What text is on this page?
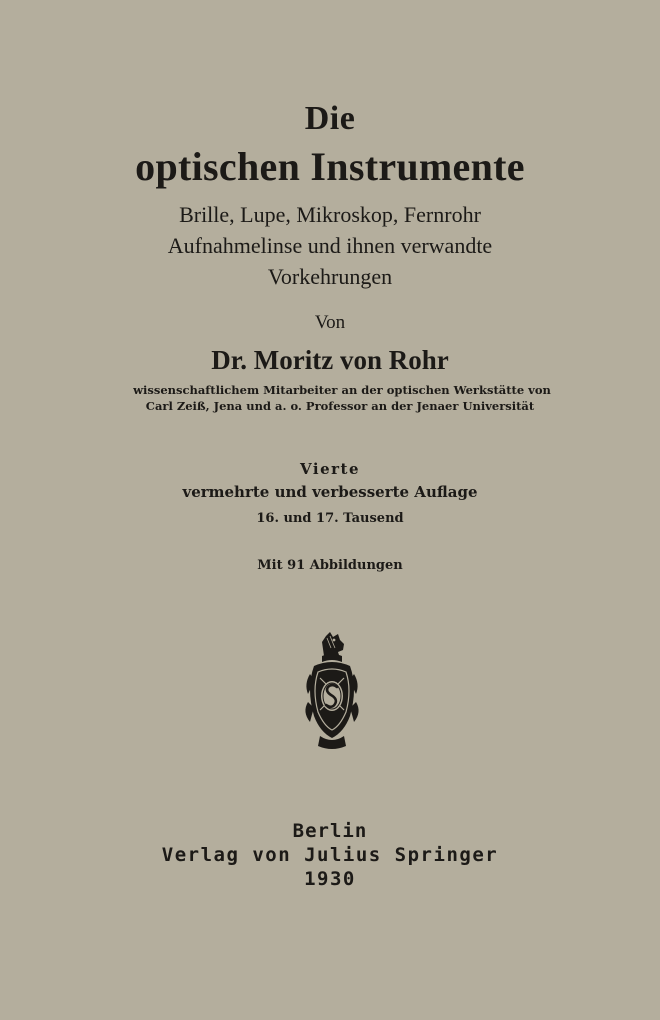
Die

optischen Instrumente

Brille, Lupe, Mikroskop, Fernrohr

Aufnahmelinse und ihnen verwandte

Vorkehrungen

Von

Dr. Moritz von Rohr

wissenschaftlichem Mitarbeiter an der optischen Werkstätte von

Carl Zeiß, Jena und a. o. Professor an der Jenaer Universität

Vierte

vermehrte und verbesserte Auflage

16. und 17. Tausend

Mit 91 Abbildungen

Berlin

Verlag von Julius Springer

1930
